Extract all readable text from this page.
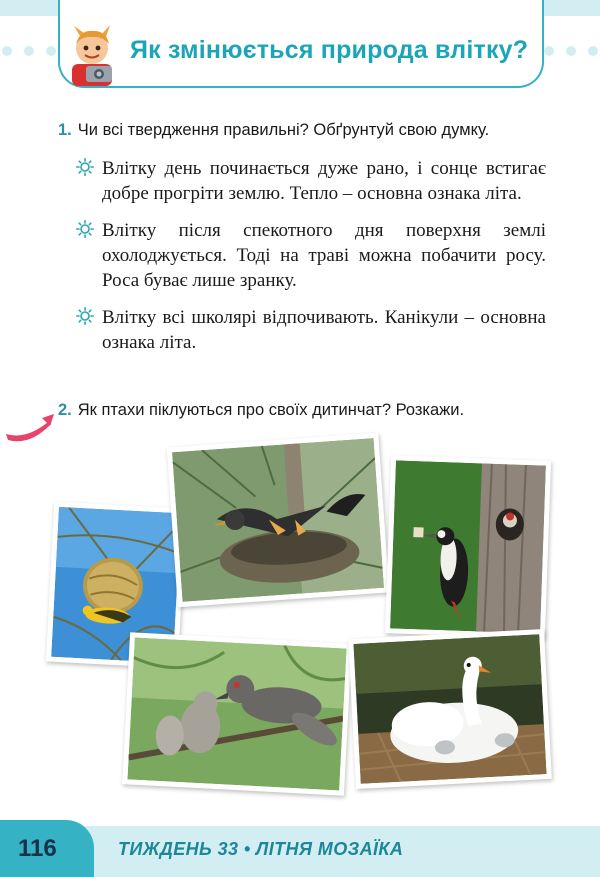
Як змінюється природа влітку?
1. Чи всі твердження правильні? Обґрунтуй свою думку.
Влітку день починається дуже рано, і сонце встигає добре прогріти землю. Тепло – основна ознака літа.
Влітку після спекотного дня поверхня землі охолоджується. Тоді на траві можна побачити росу. Роса буває лише зранку.
Влітку всі школярі відпочивають. Канікули – основна ознака літа.
2. Як птахи піклуються про своїх дитинчат? Розкажи.
116	ТИЖДЕНЬ 33 • ЛІТНЯ МОЗАЇКА
